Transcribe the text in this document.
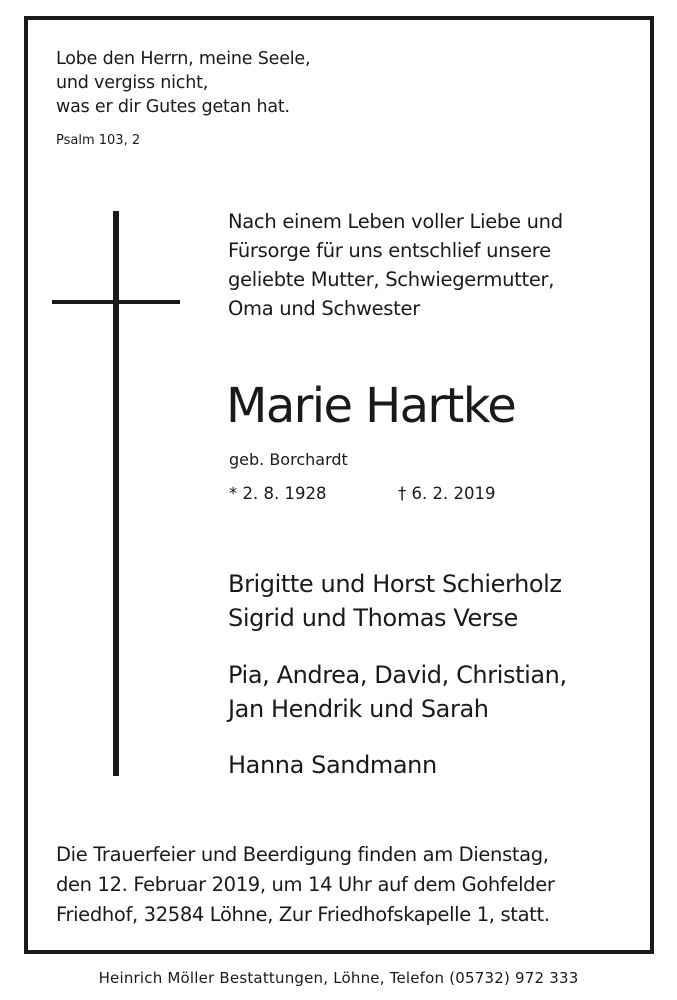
Lobe den Herrn, meine Seele,
und vergiss nicht,
was er dir Gutes getan hat.
Psalm 103, 2
Nach einem Leben voller Liebe und
Fürsorge für uns entschlief unsere
geliebte Mutter, Schwiegermutter,
Oma und Schwester
Marie Hartke
geb. Borchardt
* 2. 8. 1928	† 6. 2. 2019
Brigitte und Horst Schierholz
Sigrid und Thomas Verse
Pia, Andrea, David, Christian,
Jan Hendrik und Sarah
Hanna Sandmann
Die Trauerfeier und Beerdigung finden am Dienstag,
den 12. Februar 2019, um 14 Uhr auf dem Gohfelder
Friedhof, 32584 Löhne, Zur Friedhofskapelle 1, statt.
Heinrich Möller Bestattungen, Löhne, Telefon (05732) 972 333
